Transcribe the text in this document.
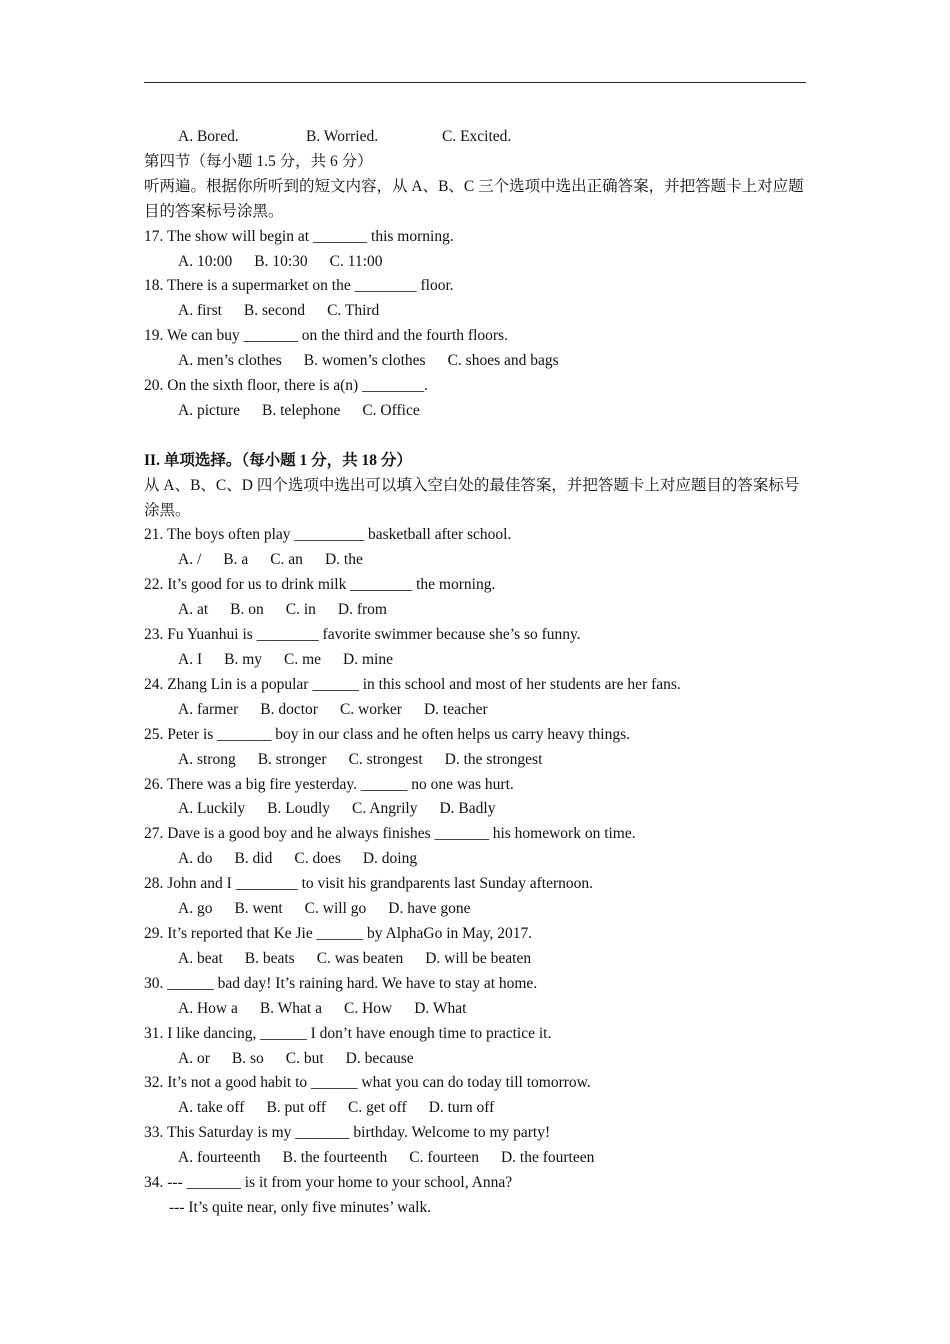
A. Bored.	B. Worried.	C. Excited.
第四节（每小题 1.5 分，共 6 分）
听两遍。根据你所听到的短文内容，从 A、B、C 三个选项中选出正确答案，并把答题卡上对应题目的答案标号涂黑。
17. The show will begin at _______ this morning.
A. 10:00 B. 10:30 C. 11:00
18. There is a supermarket on the ________ floor.
A. first B. second C. Third
19. We can buy _______ on the third and the fourth floors.
A. men’s clothes B. women’s clothes C. shoes and bags
20. On the sixth floor, there is a(n) ________.
A. picture B. telephone C. Office
II. 单项选择。（每小题 1 分，共 18 分）
从 A、B、C、D 四个选项中选出可以填入空白处的最佳答案，并把答题卡上对应题目的答案标号涂黑。
21. The boys often play _________ basketball after school.
A. / B. a C. an D. the
22. It’s good for us to drink milk ________ the morning.
A. at B. on C. in D. from
23. Fu Yuanhui is ________ favorite swimmer because she’s so funny.
A. I B. my C. me D. mine
24. Zhang Lin is a popular ______ in this school and most of her students are her fans.
A. farmer B. doctor C. worker D. teacher
25. Peter is _______ boy in our class and he often helps us carry heavy things.
A. strong B. stronger C. strongest D. the strongest
26. There was a big fire yesterday. ______ no one was hurt.
A. Luckily B. Loudly C. Angrily D. Badly
27. Dave is a good boy and he always finishes _______ his homework on time.
A. do B. did C. does D. doing
28. John and I ________ to visit his grandparents last Sunday afternoon.
A. go B. went C. will go D. have gone
29. It’s reported that Ke Jie ______ by AlphaGo in May, 2017.
A. beat B. beats C. was beaten D. will be beaten
30. ______ bad day! It’s raining hard. We have to stay at home.
A. How a B. What a C. How D. What
31. I like dancing, ______ I don’t have enough time to practice it.
A. or B. so C. but D. because
32. It’s not a good habit to ______ what you can do today till tomorrow.
A. take off B. put off C. get off D. turn off
33. This Saturday is my _______ birthday. Welcome to my party!
A. fourteenth B. the fourteenth C. fourteen D. the fourteen
34. --- _______ is it from your home to your school, Anna?
--- It’s quite near, only five minutes’ walk.
